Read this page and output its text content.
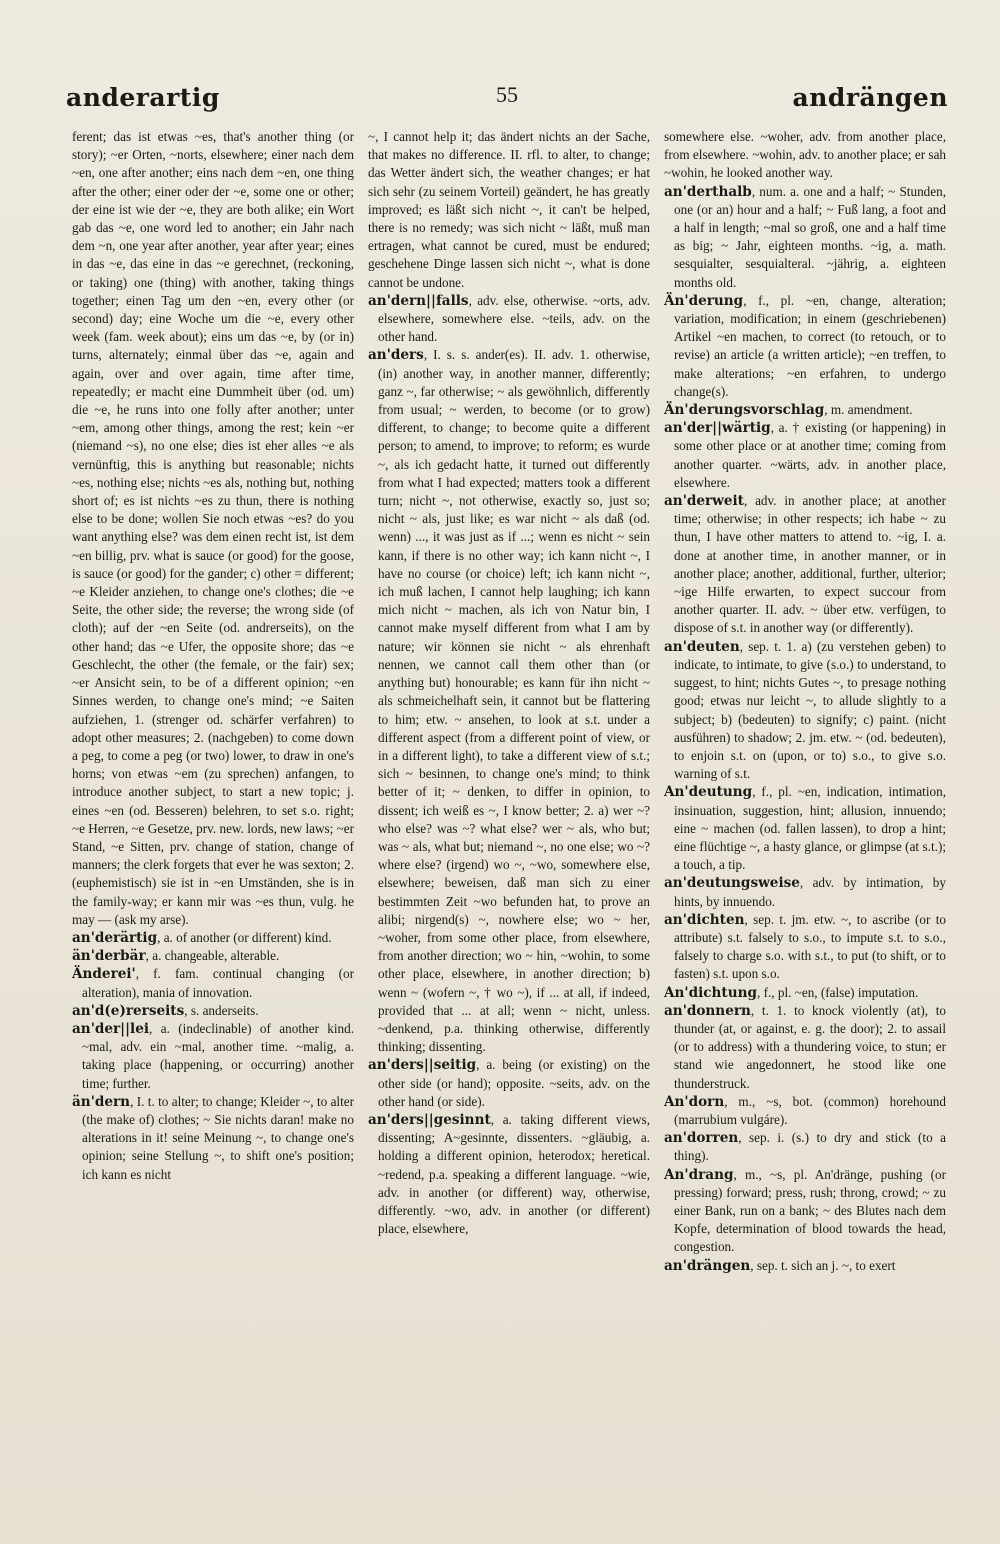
anderartig	55	andrängen

ferent; das ist etwas ~es, that's another thing (or story); ~er Orten, ~norts, elsewhere; einer nach dem ~en, one after another; eins nach dem ~en, one thing after the other; einer oder der ~e, some one or other; der eine ist wie der ~e, they are both alike; ein Wort gab das ~e, one word led to another; ein Jahr nach dem ~n, one year after another, year after year; eines in das ~e, das eine in das ~e gerechnet, (reckoning, or taking) one (thing) with another, taking things together; einen Tag um den ~en, every other (or second) day; eine Woche um die ~e, every other week (fam. week about); eins um das ~e, by (or in) turns, alternately; einmal über das ~e, again and again, over and over again, time after time, repeatedly; er macht eine Dummheit über (od. um) die ~e, he runs into one folly after another; unter ~em, among other things, among the rest; kein ~er (niemand ~s), no one else; dies ist eher alles ~e als vernünftig, this is anything but reasonable; nichts ~es, nothing else; nichts ~es als, nothing but, nothing short of; es ist nichts ~es zu thun, there is nothing else to be done; wollen Sie noch etwas ~es? do you want anything else? was dem einen recht ist, ist dem ~en billig, prv. what is sauce (or good) for the goose, is sauce (or good) for the gander; c) other = different; ~e Kleider anziehen, to change one's clothes; die ~e Seite, the other side; the reverse; the wrong side (of cloth); auf der ~en Seite (od. andrerseits), on the other hand; das ~e Ufer, the opposite shore; das ~e Geschlecht, the other (the female, or the fair) sex; ~er Ansicht sein, to be of a different opinion; ~en Sinnes werden, to change one's mind; ~e Saiten aufziehen, 1. (strenger od. schärfer verfahren) to adopt other measures; 2. (nachgeben) to come down a peg, to come a peg (or two) lower, to draw in one's horns; von etwas ~em (zu sprechen) anfangen, to introduce another subject, to start a new topic; j. eines ~en (od. Besseren) belehren, to set s.o. right; ~e Herren, ~e Gesetze, prv. new. lords, new laws; ~er Stand, ~e Sitten, prv. change of station, change of manners; the clerk forgets that ever he was sexton; 2. (euphemistisch) sie ist in ~en Umständen, she is in the family-way; er kann mir was ~es thun, vulg. he may — (ask my arse).

an'derärtig, a. of another (or different) kind.

än'derbär, a. changeable, alterable.

Änderei', f. fam. continual changing (or alteration), mania of innovation.

an'd(e)rerseits, s. anderseits.

an'der||lei, a. (indeclinable) of another kind. ~mal, adv. ein ~mal, another time. ~malig, a. taking place (happening, or occurring) another time; further.

än'dern, I. t. to alter; to change; Kleider ~, to alter (the make of) clothes; ~ Sie nichts daran! make no alterations in it! seine Meinung ~, to change one's opinion; seine Stellung ~, to shift one's position; ich kann es nicht

~, I cannot help it; das ändert nichts an der Sache, that makes no difference. II. rfl. to alter, to change; das Wetter ändert sich, the weather changes; er hat sich sehr (zu seinem Vorteil) geändert, he has greatly improved; es läßt sich nicht ~, it can't be helped, there is no remedy; was sich nicht ~ läßt, muß man ertragen, what cannot be cured, must be endured; geschehene Dinge lassen sich nicht ~, what is done cannot be undone.

an'dern||falls, adv. else, otherwise. ~orts, adv. elsewhere, somewhere else. ~teils, adv. on the other hand.

an'ders, I. s. s. ander(es). II. adv. 1. otherwise, (in) another way, in another manner, differently; ganz ~, far otherwise; ~ als gewöhnlich, differently from usual; ~ werden, to become (or to grow) different, to change; to become quite a different person; to amend, to improve; to reform; es wurde ~, als ich gedacht hatte, it turned out differently from what I had expected; matters took a different turn; nicht ~, not otherwise, exactly so, just so; nicht ~ als, just like; es war nicht ~ als daß (od. wenn) ..., it was just as if ...; wenn es nicht ~ sein kann, if there is no other way; ich kann nicht ~, I have no course (or choice) left; ich kann nicht ~, ich muß lachen, I cannot help laughing; ich kann mich nicht ~ machen, als ich von Natur bin, I cannot make myself different from what I am by nature; wir können sie nicht ~ als ehrenhaft nennen, we cannot call them other than (or anything but) honourable; es kann für ihn nicht ~ als schmeichelhaft sein, it cannot but be flattering to him; etw. ~ ansehen, to look at s.t. under a different aspect (from a different point of view, or in a different light), to take a different view of s.t.; sich ~ besinnen, to change one's mind; to think better of it; ~ denken, to differ in opinion, to dissent; ich weiß es ~, I know better; 2. a) wer ~? who else? was ~? what else? wer ~ als, who but; was ~ als, what but; niemand ~, no one else; wo ~? where else? (irgend) wo ~, ~wo, somewhere else, elsewhere; beweisen, daß man sich zu einer bestimmten Zeit ~wo befunden hat, to prove an alibi; nirgend(s) ~, nowhere else; wo ~ her, ~woher, from some other place, from elsewhere, from another direction; wo ~ hin, ~wohin, to some other place, elsewhere, in another direction; b) wenn ~ (wofern ~, † wo ~), if ... at all, if indeed, provided that ... at all; wenn ~ nicht, unless. ~denkend, p.a. thinking otherwise, differently thinking; dissenting.

an'ders||seitig, a. being (or existing) on the other side (or hand); opposite. ~seits, adv. on the other hand (or side).

an'ders||gesinnt, a. taking different views, dissenting; A~gesinnte, dissenters. ~gläubig, a. holding a different opinion, heterodox; heretical. ~redend, p.a. speaking a different language. ~wie, adv. in another (or different) way, otherwise, differently. ~wo, adv. in another (or different) place, elsewhere,

somewhere else. ~woher, adv. from another place, from elsewhere. ~wohin, adv. to another place; er sah ~wohin, he looked another way.

an'derthalb, num. a. one and a half; ~ Stunden, one (or an) hour and a half; ~ Fuß lang, a foot and a half in length; ~mal so groß, one and a half time as big; ~ Jahr, eighteen months. ~ig, a. math. sesquialter, sesquialteral. ~jährig, a. eighteen months old.

Än'derung, f., pl. ~en, change, alteration; variation, modification; in einem (geschriebenen) Artikel ~en machen, to correct (to retouch, or to revise) an article (a written article); ~en treffen, to make alterations; ~en erfahren, to undergo change(s).

Än'derungsvorschlag, m. amendment.

an'der||wärtig, a. † existing (or happening) in some other place or at another time; coming from another quarter. ~wärts, adv. in another place, elsewhere.

an'derweit, adv. in another place; at another time; otherwise; in other respects; ich habe ~ zu thun, I have other matters to attend to. ~ig, I. a. done at another time, in another manner, or in another place; another, additional, further, ulterior; ~ige Hilfe erwarten, to expect succour from another quarter. II. adv. ~ über etw. verfügen, to dispose of s.t. in another way (or differently).

an'deuten, sep. t. 1. a) (zu verstehen geben) to indicate, to intimate, to give (s.o.) to understand, to suggest, to hint; nichts Gutes ~, to presage nothing good; etwas nur leicht ~, to allude slightly to a subject; b) (bedeuten) to signify; c) paint. (nicht ausführen) to shadow; 2. jm. etw. ~ (od. bedeuten), to enjoin s.t. on (upon, or to) s.o., to give s.o. warning of s.t.

An'deutung, f., pl. ~en, indication, intimation, insinuation, suggestion, hint; allusion, innuendo; eine ~ machen (od. fallen lassen), to drop a hint; eine flüchtige ~, a hasty glance, or glimpse (at s.t.); a touch, a tip.

an'deutungsweise, adv. by intimation, by hints, by innuendo.

an'dichten, sep. t. jm. etw. ~, to ascribe (or to attribute) s.t. falsely to s.o., to impute s.t. to s.o., falsely to charge s.o. with s.t., to put (to shift, or to fasten) s.t. upon s.o.

An'dichtung, f., pl. ~en, (false) imputation.

an'donnern, t. 1. to knock violently (at), to thunder (at, or against, e. g. the door); 2. to assail (or to address) with a thundering voice, to stun; er stand wie angedonnert, he stood like one thunderstruck.

An'dorn, m., ~s, bot. (common) horehound (marrubium vulgáre).

an'dorren, sep. i. (s.) to dry and stick (to a thing).

An'drang, m., ~s, pl. An'dränge, pushing (or pressing) forward; press, rush; throng, crowd; ~ zu einer Bank, run on a bank; ~ des Blutes nach dem Kopfe, determination of blood towards the head, congestion.

an'drängen, sep. t. sich an j. ~, to exert
